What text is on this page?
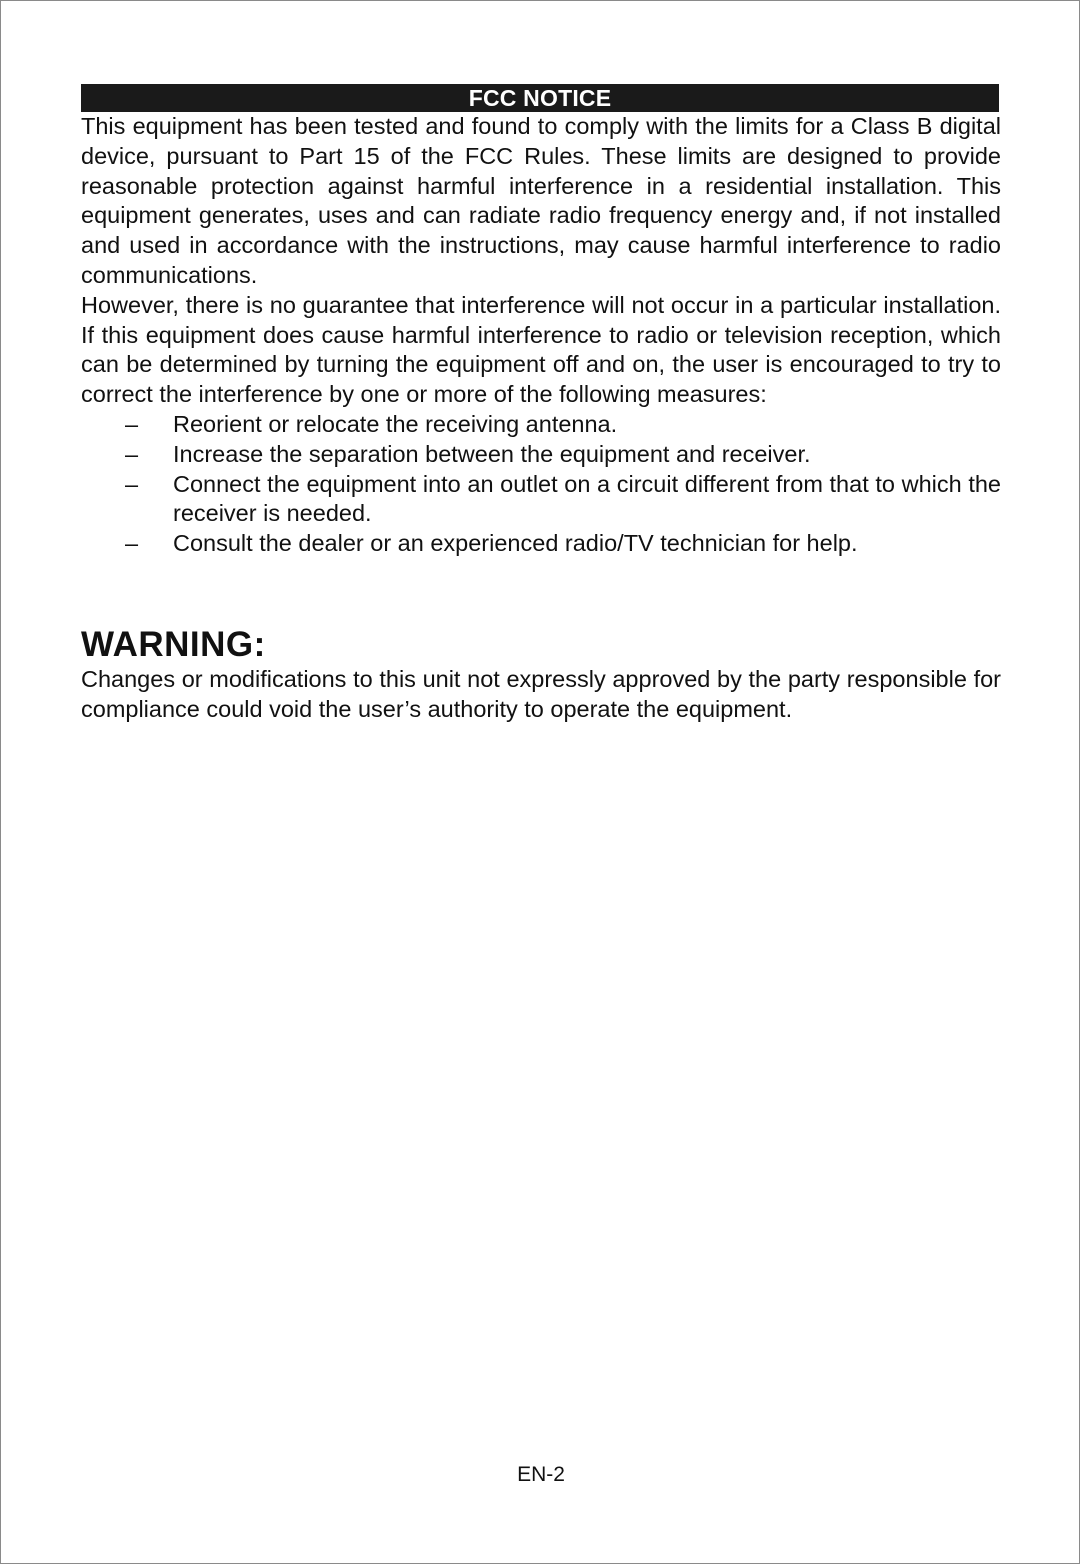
FCC NOTICE

This equipment has been tested and found to comply with the limits for a Class B digital device, pursuant to Part 15 of the FCC Rules. These limits are designed to provide reasonable protection against harmful interference in a residential installation. This equipment generates, uses and can radiate radio frequency energy and, if not installed and used in accordance with the instructions, may cause harmful interference to radio communications.

However, there is no guarantee that interference will not occur in a particular installation. If this equipment does cause harmful interference to radio or television reception, which can be determined by turning the equipment off and on, the user is encouraged to try to correct the interference by one or more of the following measures:

– Reorient or relocate the receiving antenna.
– Increase the separation between the equipment and receiver.
– Connect the equipment into an outlet on a circuit different from that to which the receiver is needed.
– Consult the dealer or an experienced radio/TV technician for help.
WARNING:

Changes or modifications to this unit not expressly approved by the party responsible for compliance could void the user’s authority to operate the equipment.

EN-2
